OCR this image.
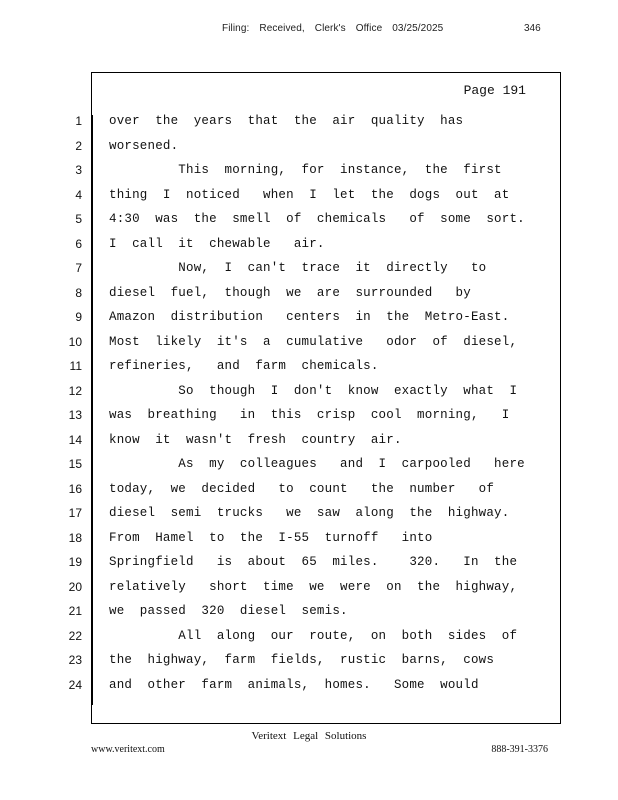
Filing: Received, Clerk's Office 03/25/2025	346
Page 191
1
2
3
4
5
6
7
8
9
10
11
12
13
14
15
16
17
18
19
20
21
22
23
24
over  the  years  that  the  air  quality  has
worsened.
This  morning,  for  instance,  the  first
thing  I  noticed   when  I  let  the  dogs  out  at
4:30  was  the  smell  of  chemicals   of  some  sort.
I  call  it  chewable   air.
Now,  I  can't  trace  it  directly   to
diesel  fuel,  though  we  are  surrounded   by
Amazon  distribution   centers  in  the  Metro-East.
Most  likely  it's  a  cumulative   odor  of  diesel,
refineries,   and  farm  chemicals.
So  though  I  don't  know  exactly  what  I
was  breathing   in  this  crisp  cool  morning,   I
know  it  wasn't  fresh  country  air.
As  my  colleagues   and  I  carpooled   here
today,  we  decided   to  count   the  number   of
diesel  semi  trucks   we  saw  along  the  highway.
From  Hamel  to  the  I-55  turnoff   into
Springfield   is  about  65  miles.    320.   In  the
relatively   short  time  we  were  on  the  highway,
we  passed  320  diesel  semis.
All  along  our  route,  on  both  sides  of
the  highway,  farm  fields,  rustic  barns,  cows
and  other  farm  animals,  homes.   Some  would
Veritext Legal Solutions
www.veritext.com	888-391-3376
